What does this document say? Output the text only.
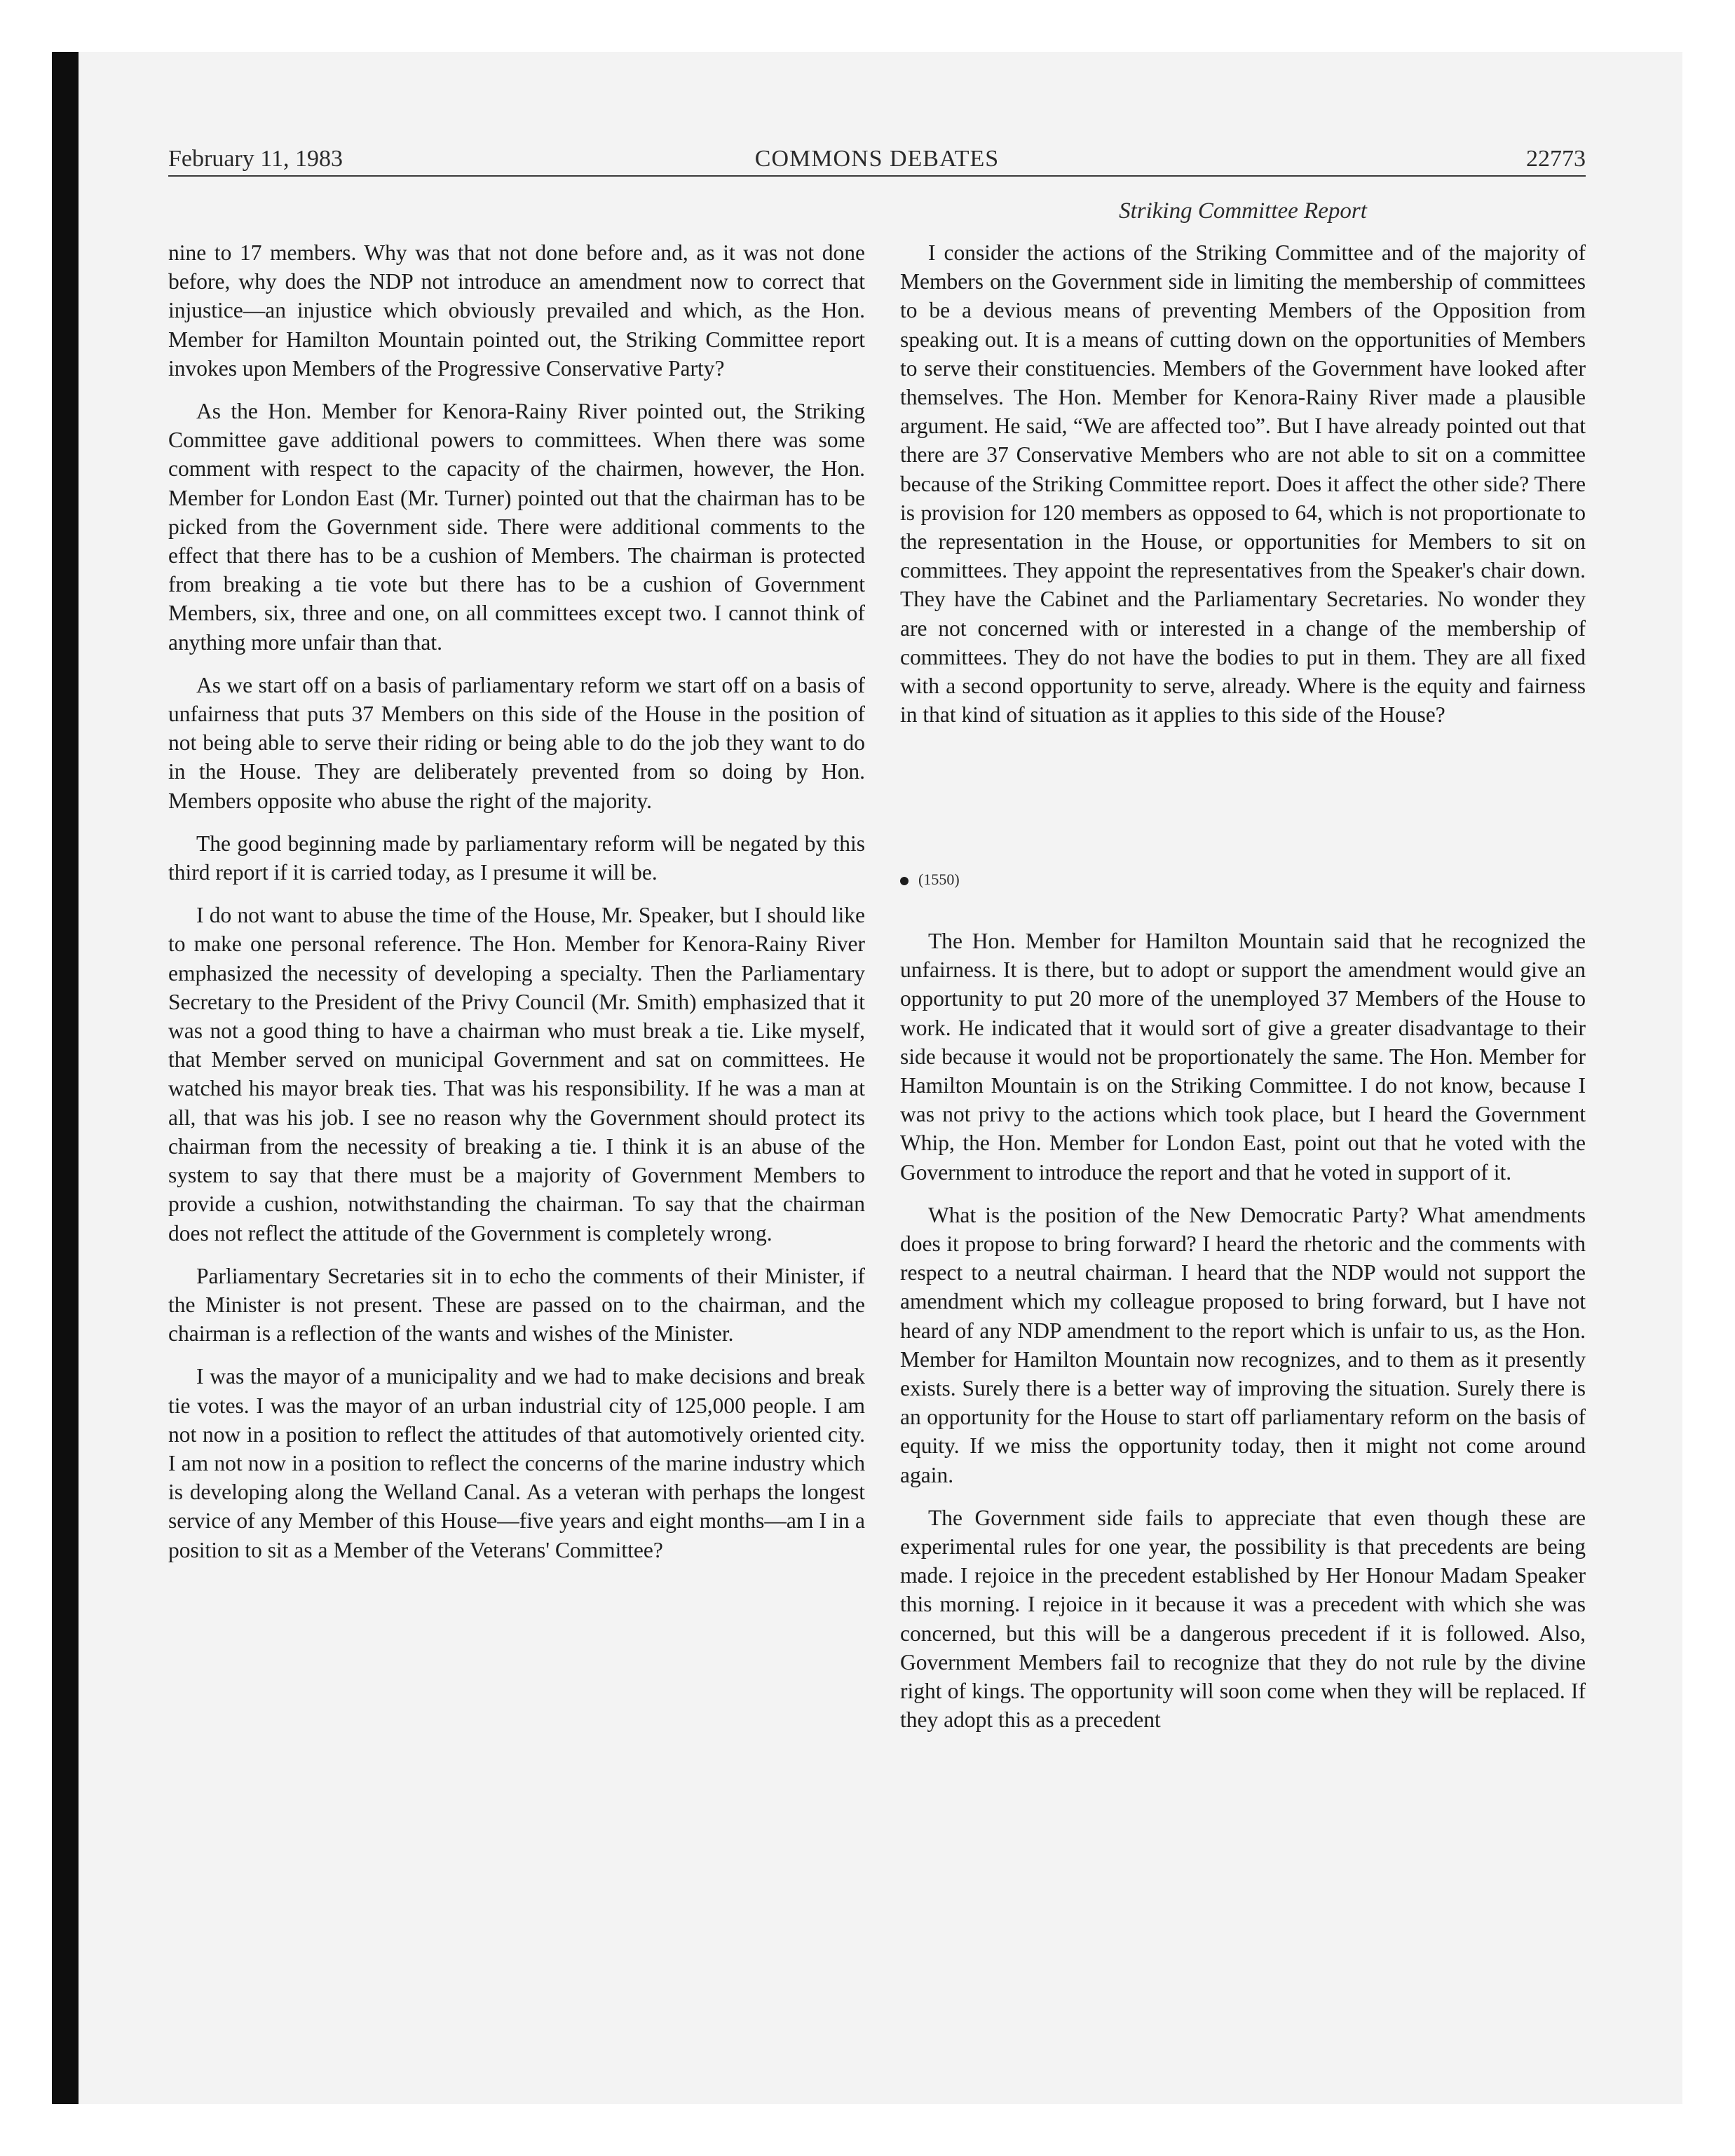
February 11, 1983	COMMONS DEBATES	22773
Striking Committee Report

nine to 17 members. Why was that not done before and, as it was not done before, why does the NDP not introduce an amendment now to correct that injustice—an injustice which obviously prevailed and which, as the Hon. Member for Hamilton Mountain pointed out, the Striking Committee report invokes upon Members of the Progressive Conservative Party?

As the Hon. Member for Kenora-Rainy River pointed out, the Striking Committee gave additional powers to committees. When there was some comment with respect to the capacity of the chairmen, however, the Hon. Member for London East (Mr. Turner) pointed out that the chairman has to be picked from the Government side. There were additional comments to the effect that there has to be a cushion of Members. The chairman is protected from breaking a tie vote but there has to be a cushion of Government Members, six, three and one, on all committees except two. I cannot think of anything more unfair than that.

As we start off on a basis of parliamentary reform we start off on a basis of unfairness that puts 37 Members on this side of the House in the position of not being able to serve their riding or being able to do the job they want to do in the House. They are deliberately prevented from so doing by Hon. Members opposite who abuse the right of the majority.

The good beginning made by parliamentary reform will be negated by this third report if it is carried today, as I presume it will be.

I do not want to abuse the time of the House, Mr. Speaker, but I should like to make one personal reference. The Hon. Member for Kenora-Rainy River emphasized the necessity of developing a specialty. Then the Parliamentary Secretary to the President of the Privy Council (Mr. Smith) emphasized that it was not a good thing to have a chairman who must break a tie. Like myself, that Member served on municipal Government and sat on committees. He watched his mayor break ties. That was his responsibility. If he was a man at all, that was his job. I see no reason why the Government should protect its chairman from the necessity of breaking a tie. I think it is an abuse of the system to say that there must be a majority of Government Members to provide a cushion, notwithstanding the chairman. To say that the chairman does not reflect the attitude of the Government is completely wrong.

Parliamentary Secretaries sit in to echo the comments of their Minister, if the Minister is not present. These are passed on to the chairman, and the chairman is a reflection of the wants and wishes of the Minister.

I was the mayor of a municipality and we had to make decisions and break tie votes. I was the mayor of an urban industrial city of 125,000 people. I am not now in a position to reflect the attitudes of that automotively oriented city. I am not now in a position to reflect the concerns of the marine industry which is developing along the Welland Canal. As a veteran with perhaps the longest service of any Member of this House—five years and eight months—am I in a position to sit as a Member of the Veterans' Committee?

I consider the actions of the Striking Committee and of the majority of Members on the Government side in limiting the membership of committees to be a devious means of preventing Members of the Opposition from speaking out. It is a means of cutting down on the opportunities of Members to serve their constituencies. Members of the Government have looked after themselves. The Hon. Member for Kenora-Rainy River made a plausible argument. He said, “We are affected too”. But I have already pointed out that there are 37 Conservative Members who are not able to sit on a committee because of the Striking Committee report. Does it affect the other side? There is provision for 120 members as opposed to 64, which is not proportionate to the representation in the House, or opportunities for Members to sit on committees. They appoint the representatives from the Speaker's chair down. They have the Cabinet and the Parliamentary Secretaries. No wonder they are not concerned with or interested in a change of the membership of committees. They do not have the bodies to put in them. They are all fixed with a second opportunity to serve, already. Where is the equity and fairness in that kind of situation as it applies to this side of the House?

(1550)

The Hon. Member for Hamilton Mountain said that he recognized the unfairness. It is there, but to adopt or support the amendment would give an opportunity to put 20 more of the unemployed 37 Members of the House to work. He indicated that it would sort of give a greater disadvantage to their side because it would not be proportionately the same. The Hon. Member for Hamilton Mountain is on the Striking Committee. I do not know, because I was not privy to the actions which took place, but I heard the Government Whip, the Hon. Member for London East, point out that he voted with the Government to introduce the report and that he voted in support of it.

What is the position of the New Democratic Party? What amendments does it propose to bring forward? I heard the rhetoric and the comments with respect to a neutral chairman. I heard that the NDP would not support the amendment which my colleague proposed to bring forward, but I have not heard of any NDP amendment to the report which is unfair to us, as the Hon. Member for Hamilton Mountain now recognizes, and to them as it presently exists. Surely there is a better way of improving the situation. Surely there is an opportunity for the House to start off parliamentary reform on the basis of equity. If we miss the opportunity today, then it might not come around again.

The Government side fails to appreciate that even though these are experimental rules for one year, the possibility is that precedents are being made. I rejoice in the precedent established by Her Honour Madam Speaker this morning. I rejoice in it because it was a precedent with which she was concerned, but this will be a dangerous precedent if it is followed. Also, Government Members fail to recognize that they do not rule by the divine right of kings. The opportunity will soon come when they will be replaced. If they adopt this as a precedent
